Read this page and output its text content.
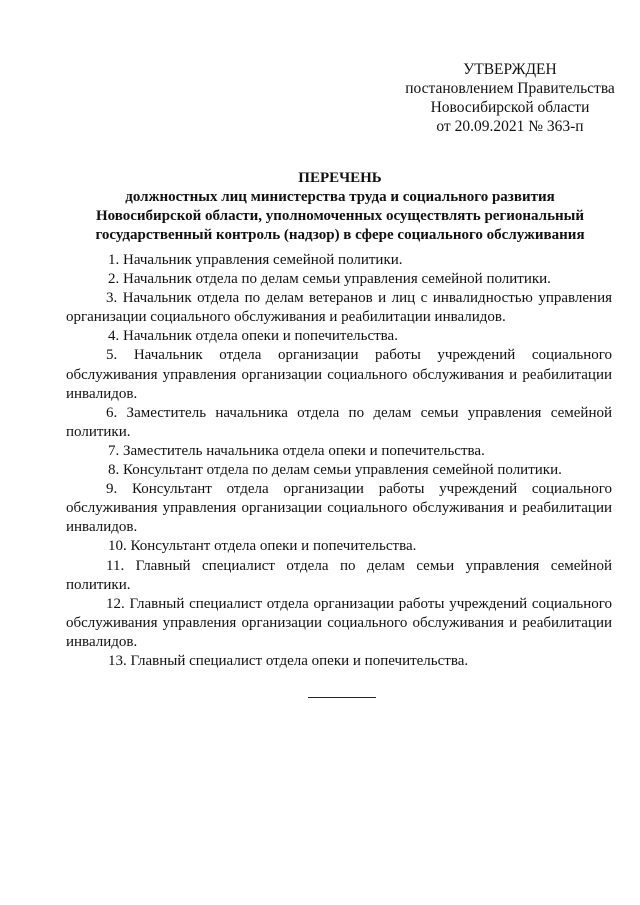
УТВЕРЖДЕН
постановлением Правительства
Новосибирской области
от 20.09.2021 № 363-п
ПЕРЕЧЕНЬ
должностных лиц министерства труда и социального развития
Новосибирской области, уполномоченных осуществлять региональный
государственный контроль (надзор) в сфере социального обслуживания
1. Начальник управления семейной политики.
2. Начальник отдела по делам семьи управления семейной политики.
3. Начальник отдела по делам ветеранов и лиц с инвалидностью управления организации социального обслуживания и реабилитации инвалидов.
4. Начальник отдела опеки и попечительства.
5. Начальник отдела организации работы учреждений социального обслуживания управления организации социального обслуживания и реабилитации инвалидов.
6. Заместитель начальника отдела по делам семьи управления семейной политики.
7. Заместитель начальника отдела опеки и попечительства.
8. Консультант отдела по делам семьи управления семейной политики.
9. Консультант отдела организации работы учреждений социального обслуживания управления организации социального обслуживания и реабилитации инвалидов.
10. Консультант отдела опеки и попечительства.
11. Главный специалист отдела по делам семьи управления семейной политики.
12. Главный специалист отдела организации работы учреждений социального обслуживания управления организации социального обслуживания и реабилитации инвалидов.
13. Главный специалист отдела опеки и попечительства.
